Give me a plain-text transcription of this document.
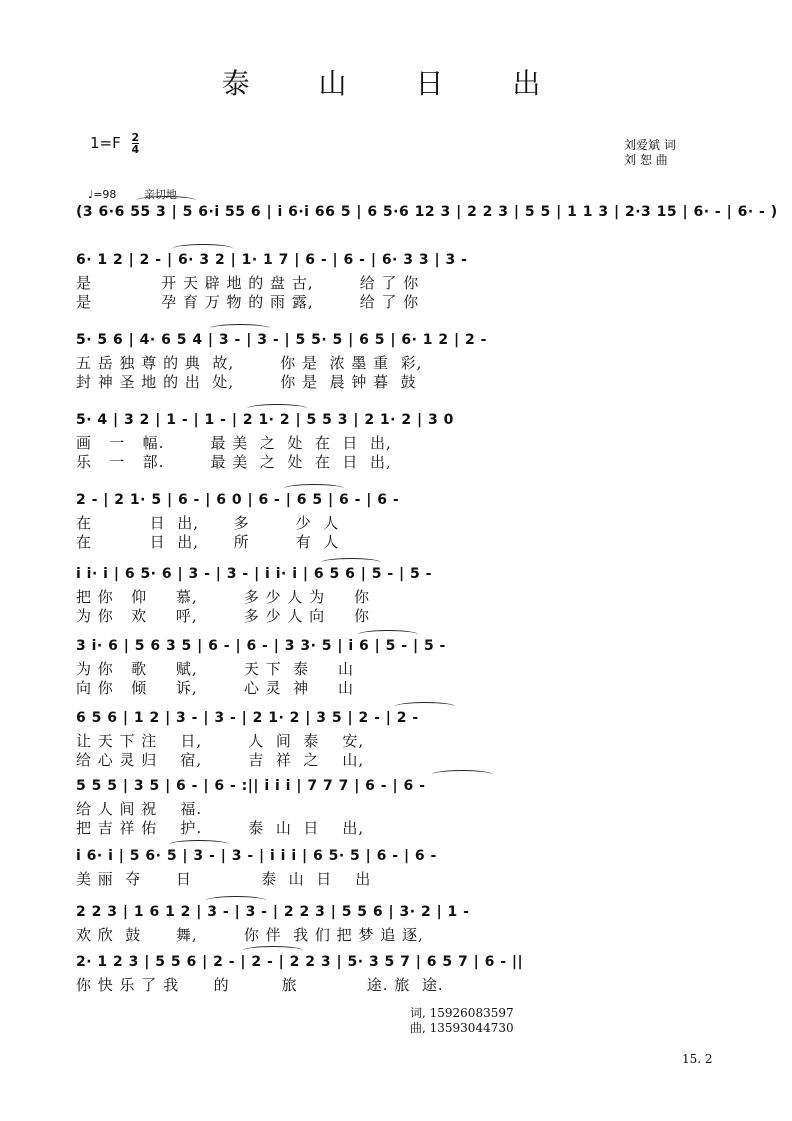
泰 山 日 出
$1=F \frac{2}{4}$	刘爱斌 词
刘 恕 曲
♩=98	亲切地
(3 6·6 55 3 | 5 6·i 55 6 | i 6·i 66 5 | 6 5·6 12 3 | 2 2 3 | 5 5 | 1 1 3 | 2·3 15 | 6· - | 6· - )
6· 1 2 | 2 - | 6· 3 2 | 1· 1 7 | 6 - | 6 - | 6· 3 3 | 3 -
是            开 天 辟 地 的 盘 古,        给 了 你
是            孕 育 万 物 的 雨 露,        给 了 你
5· 5 6 | 4· 6 5 4 | 3 - | 3 - | 5 5· 5 | 6 5 | 6· 1 2 | 2 -
五 岳 独 尊 的 典  故,        你 是  浓 墨 重  彩,
封 神 圣 地 的 出  处,        你 是  晨 钟 暮  鼓
5· 4 | 3 2 | 1 - | 1 - | 2 1· 2 | 5 5 3 | 2 1· 2 | 3 0
画   一   幅.        最 美  之  处  在  日  出,
乐   一   部.        最 美  之  处  在  日  出,
2 - | 2 1· 5 | 6 - | 6 0 | 6 - | 6 5 | 6 - | 6 -
在          日  出,      多        少  人
在          日  出,      所        有  人
i i· i | 6 5· 6 | 3 - | 3 - | i i· i | 6 5 6 | 5 - | 5 -
把 你   仰     慕,        多 少 人 为     你
为 你   欢     呼,        多 少 人 向     你
3 i· 6 | 5 6 3 5 | 6 - | 6 - | 3 3· 5 | i 6 | 5 - | 5 -
为 你   歌     赋,        天 下  泰     山
向 你   倾     诉,        心 灵  神     山
6 5 6 | 1 2 | 3 - | 3 - | 2 1· 2 | 3 5 | 2 - | 2 -
让 天 下 注    日,        人  间  泰    安,
给 心 灵 归    宿,        吉  祥  之    山,
5 5 5 | 3 5 | 6 - | 6 - :|| i i i | 7 7 7 | 6 - | 6 -
给 人 间 祝    福.
把 吉 祥 佑    护.        泰  山  日    出,
i 6· i | 5 6· 5 | 3 - | 3 - | i i i | 6 5· 5 | 6 - | 6 -
美 丽  夺      日            泰  山  日    出
2 2 3 | 1 6 1 2 | 3 - | 3 - | 2 2 3 | 5 5 6 | 3· 2 | 1 -
欢 欣  鼓      舞,        你 伴  我 们 把 梦 追 逐,
2· 1 2 3 | 5 5 6 | 2 - | 2 - | 2 2 3 | 5· 3 5 7 | 6 5 7 | 6 - ||
你 快 乐 了 我      的         旅            途. 旅  途.
词, 15926083597
曲, 13593044730
15. 2
